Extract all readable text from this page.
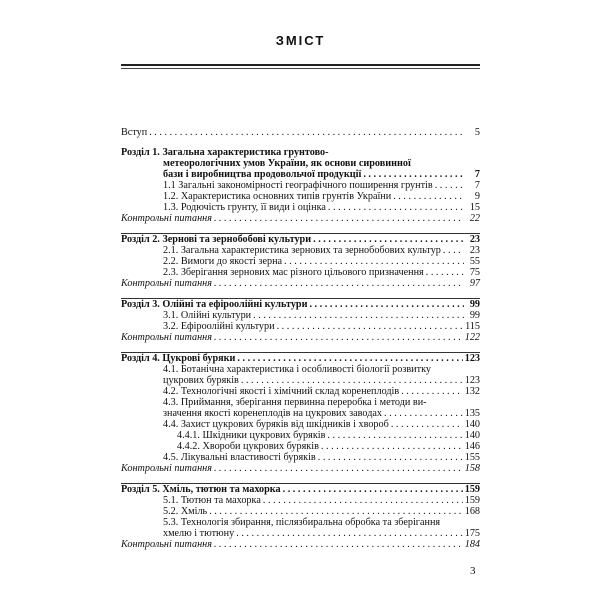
ЗМІСТ
Вступ . . .	5
Розділ 1. Загальна характеристика грунтово-
метеорологічних умов України, як основи сировинної
бази і виробництва продовольчої продукції . . .	7
1.1 Загальні закономірності географічного поширення грунтів . . .	7
1.2. Характеристика основних типів грунтів України . . .	9
1.3. Родючість грунту, її види і оцінка . . .	15
Контрольні питання . . .	22
Розділ 2. Зернові та зернобобові культури . . .	23
2.1. Загальна характеристика зернових та зернобобових культур . . .	23
2.2. Вимоги до якості зерна . . .	55
2.3. Зберігання зернових мас різного цільового призначення . . .	75
Контрольні питання . . .	97
Розділ 3. Олійні та ефіроолійні культури . . .	99
3.1. Олійні культури . . .	99
3.2. Ефіроолійні культури . . .	115
Контрольні питання . . .	122
Розділ 4. Цукрові буряки . . .	123
4.1. Ботанічна характеристика і особливості біології розвитку
цукрових буряків . . .	123
4.2. Технологічні якості і хімічний склад коренеплодів . . .	132
4.3. Приймання, зберігання первинна переробка і методи ви-
значення якості коренеплодів на цукрових заводах . . .	135
4.4. Захист цукрових буряків від шкідників і хвороб . . .	140
4.4.1. Шкідники цукрових буряків . . .	140
4.4.2. Хвороби цукрових буряків . . .	146
4.5. Лікувальні властивості буряків . . .	155
Контрольні питання . . .	158
Розділ 5. Хміль, тютюн та махорка . . .	159
5.1. Тютюн та махорка . . .	159
5.2. Хміль . . .	168
5.3. Технологія збирання, післязбиральна обробка та зберігання
хмелю і тютюну . . .	175
Контрольні питання . . .	184
3
